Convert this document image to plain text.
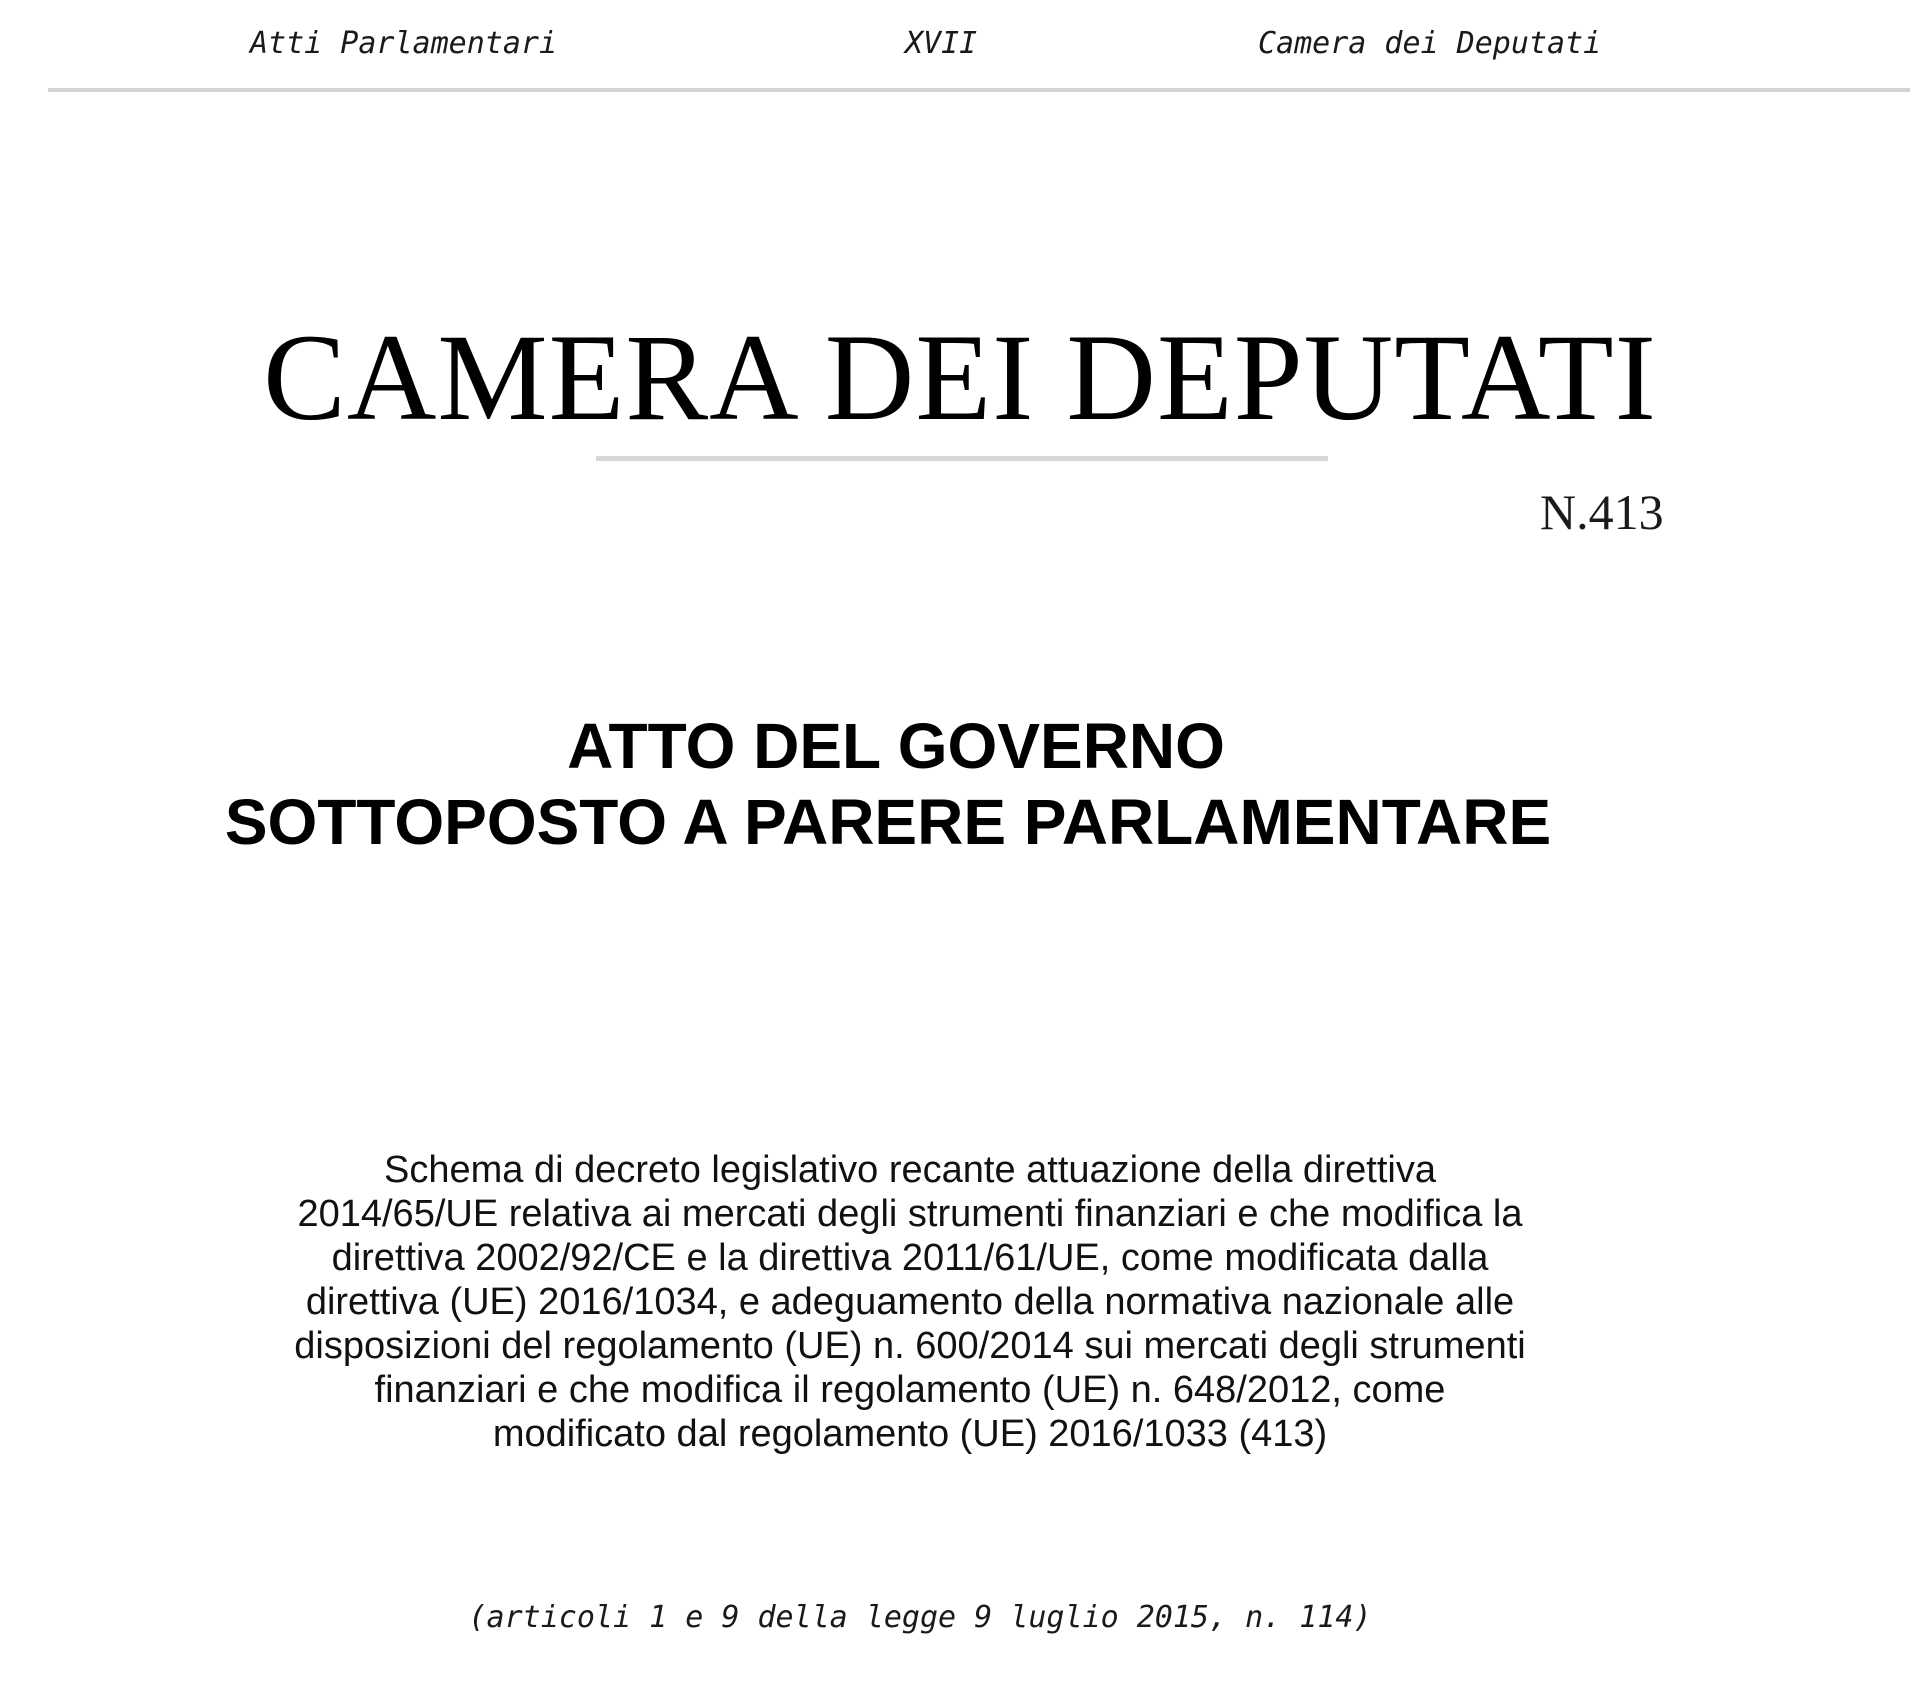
Atti Parlamentari	XVII	Camera dei Deputati
CAMERA DEI DEPUTATI
N.413
ATTO DEL GOVERNO
SOTTOPOSTO A PARERE PARLAMENTARE
Schema di decreto legislativo recante attuazione della direttiva
2014/65/UE relativa ai mercati degli strumenti finanziari e che modifica la
direttiva 2002/92/CE e la direttiva 2011/61/UE, come modificata dalla
direttiva (UE) 2016/1034, e adeguamento della normativa nazionale alle
disposizioni del regolamento (UE) n. 600/2014 sui mercati degli strumenti
finanziari e che modifica il regolamento (UE) n. 648/2012, come
modificato dal regolamento (UE) 2016/1033 (413)
(articoli 1 e 9 della legge 9 luglio 2015, n. 114)
